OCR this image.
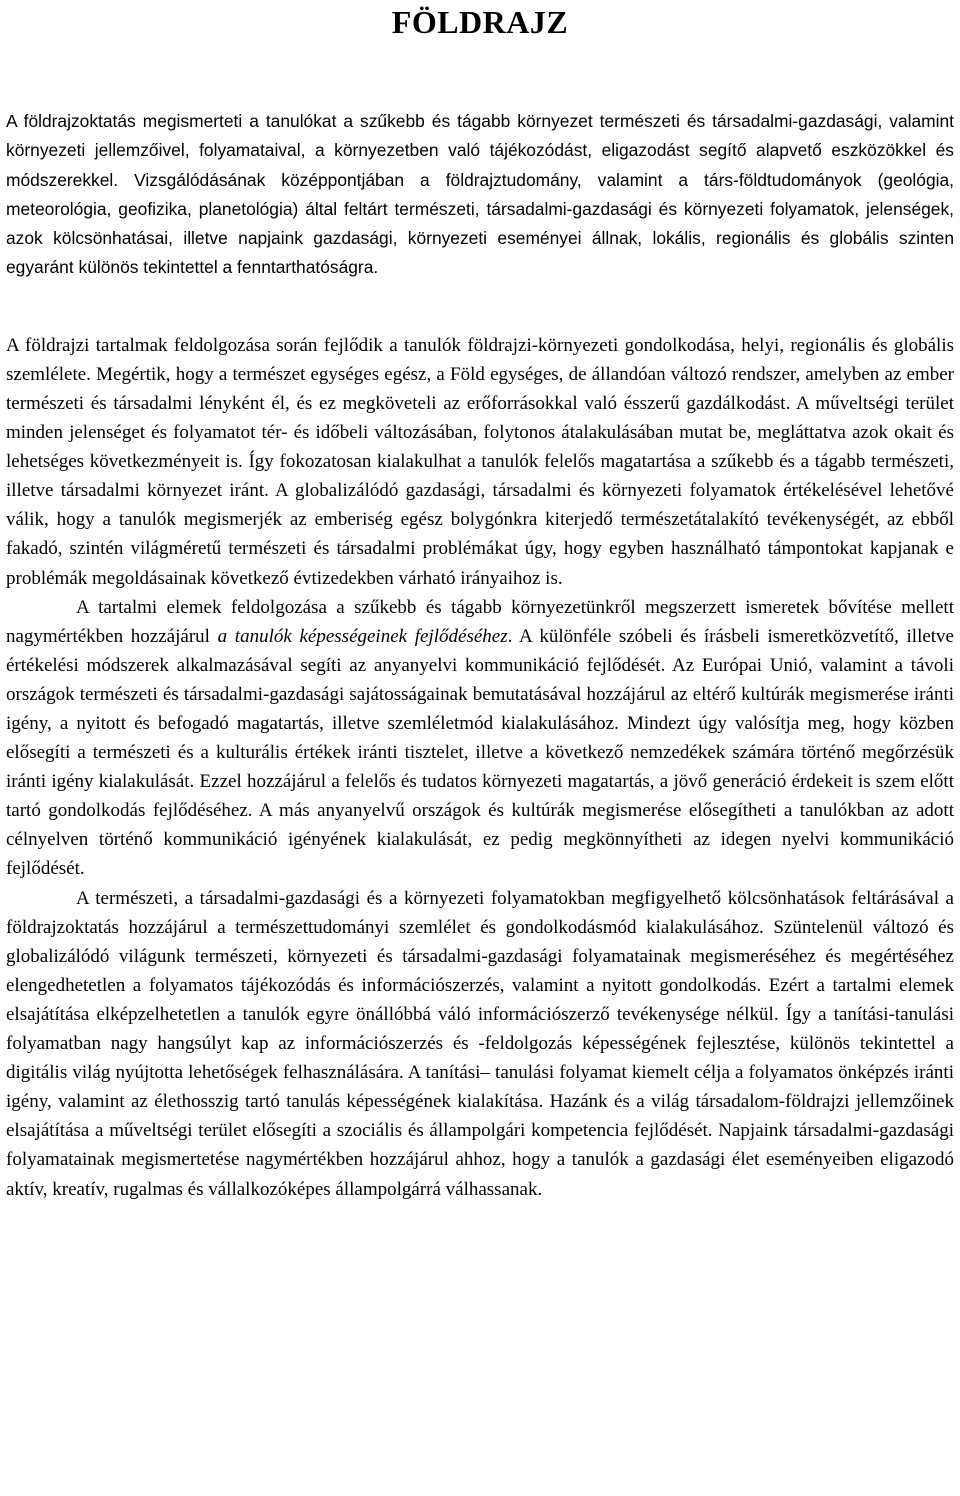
FÖLDRAJZ

A földrajzoktatás megismerteti a tanulókat a szűkebb és tágabb környezet természeti és társadalmi-gazdasági, valamint környezeti jellemzőivel, folyamataival, a környezetben való tájékozódást, eligazodást segítő alapvető eszközökkel és módszerekkel. Vizsgálódásának középpontjában a földrajztudomány, valamint a társ-földtudományok (geológia, meteorológia, geofizika, planetológia) által feltárt természeti, társadalmi-gazdasági és környezeti folyamatok, jelenségek, azok kölcsönhatásai, illetve napjaink gazdasági, környezeti eseményei állnak, lokális, regionális és globális szinten egyaránt különös tekintettel a fenntarthatóságra.

A földrajzi tartalmak feldolgozása során fejlődik a tanulók földrajzi-környezeti gondolkodása, helyi, regionális és globális szemlélete. Megértik, hogy a természet egységes egész, a Föld egységes, de állandóan változó rendszer, amelyben az ember természeti és társadalmi lényként él, és ez megköveteli az erőforrásokkal való ésszerű gazdálkodást. A műveltségi terület minden jelenséget és folyamatot tér- és időbeli változásában, folytonos átalakulásában mutat be, megláttatva azok okait és lehetséges következményeit is. Így fokozatosan kialakulhat a tanulók felelős magatartása a szűkebb és a tágabb természeti, illetve társadalmi környezet iránt. A globalizálódó gazdasági, társadalmi és környezeti folyamatok értékelésével lehetővé válik, hogy a tanulók megismerjék az emberiség egész bolygónkra kiterjedő természetátalakító tevékenységét, az ebből fakadó, szintén világméretű természeti és társadalmi problémákat úgy, hogy egyben használható támpontokat kapjanak e problémák megoldásainak következő évtizedekben várható irányaihoz is.

A tartalmi elemek feldolgozása a szűkebb és tágabb környezetünkről megszerzett ismeretek bővítése mellett nagymértékben hozzájárul a tanulók képességeinek fejlődéséhez. A különféle szóbeli és írásbeli ismeretközvetítő, illetve értékelési módszerek alkalmazásával segíti az anyanyelvi kommunikáció fejlődését. Az Európai Unió, valamint a távoli országok természeti és társadalmi-gazdasági sajátosságainak bemutatásával hozzájárul az eltérő kultúrák megismerése iránti igény, a nyitott és befogadó magatartás, illetve szemléletmód kialakulásához. Mindezt úgy valósítja meg, hogy közben elősegíti a természeti és a kulturális értékek iránti tisztelet, illetve a következő nemzedékek számára történő megőrzésük iránti igény kialakulását. Ezzel hozzájárul a felelős és tudatos környezeti magatartás, a jövő generáció érdekeit is szem előtt tartó gondolkodás fejlődéséhez. A más anyanyelvű országok és kultúrák megismerése elősegítheti a tanulókban az adott célnyelven történő kommunikáció igényének kialakulását, ez pedig megkönnyítheti az idegen nyelvi kommunikáció fejlődését.

A természeti, a társadalmi-gazdasági és a környezeti folyamatokban megfigyelhető kölcsönhatások feltárásával a földrajzoktatás hozzájárul a természettudományi szemlélet és gondolkodásmód kialakulásához. Szüntelenül változó és globalizálódó világunk természeti, környezeti és társadalmi-gazdasági folyamatainak megismeréséhez és megértéséhez elengedhetetlen a folyamatos tájékozódás és információszerzés, valamint a nyitott gondolkodás. Ezért a tartalmi elemek elsajátítása elképzelhetetlen a tanulók egyre önállóbbá váló információszerző tevékenysége nélkül. Így a tanítási-tanulási folyamatban nagy hangsúlyt kap az információszerzés és -feldolgozás képességének fejlesztése, különös tekintettel a digitális világ nyújtotta lehetőségek felhasználására. A tanítási– tanulási folyamat kiemelt célja a folyamatos önképzés iránti igény, valamint az élethosszig tartó tanulás képességének kialakítása. Hazánk és a világ társadalom-földrajzi jellemzőinek elsajátítása a műveltségi terület elősegíti a szociális és állampolgári kompetencia fejlődését. Napjaink társadalmi-gazdasági folyamatainak megismertetése nagymértékben hozzájárul ahhoz, hogy a tanulók a gazdasági élet eseményeiben eligazodó aktív, kreatív, rugalmas és vállalkozóképes állampolgárrá válhassanak.
